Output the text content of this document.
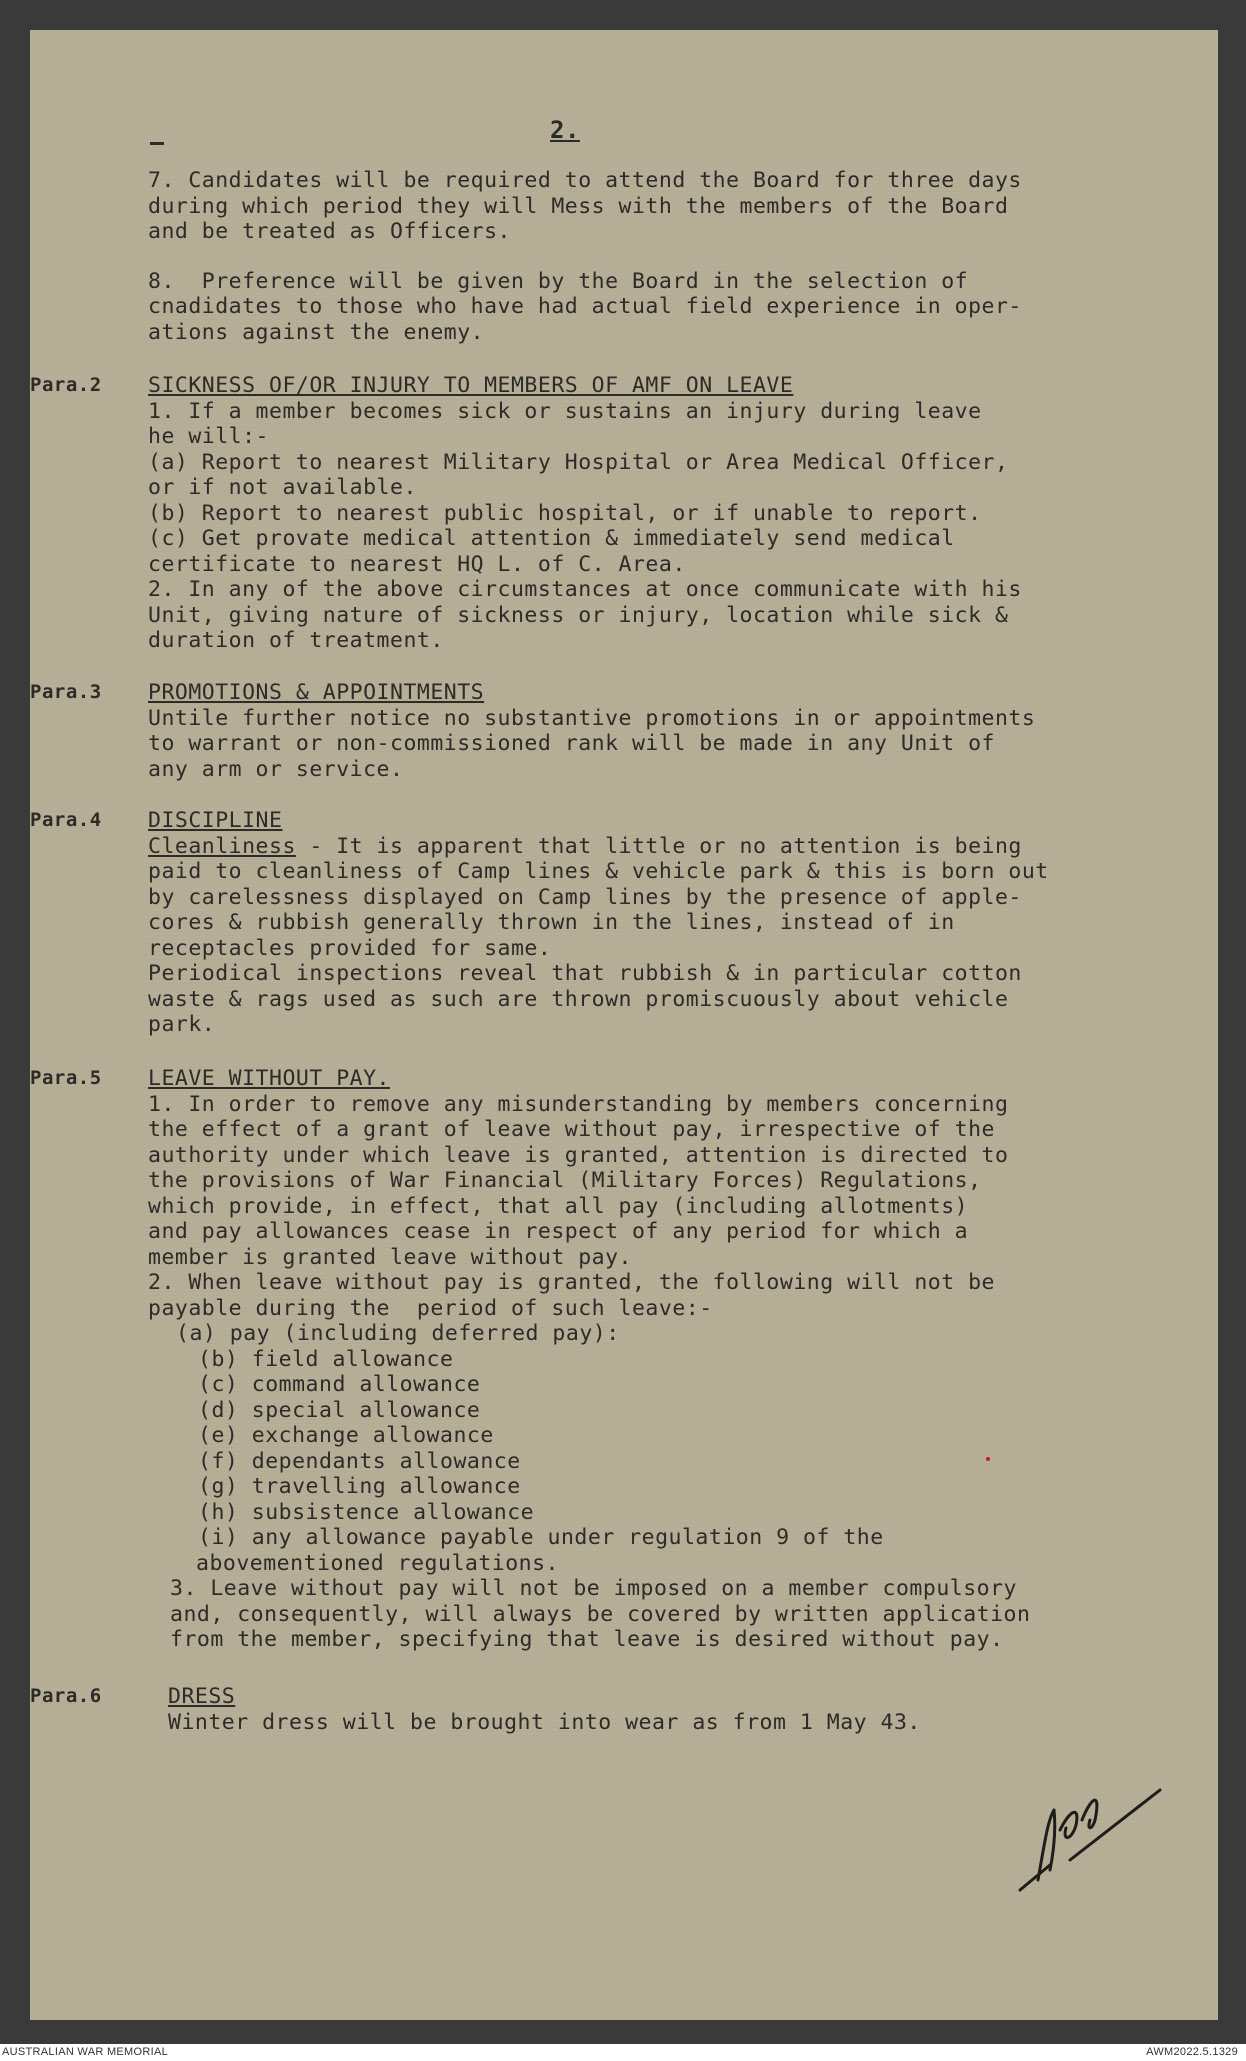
2.
7. Candidates will be required to attend the Board for three days
during which period they will Mess with the members of the Board
and be treated as Officers.
8.  Preference will be given by the Board in the selection of
cnadidates to those who have had actual field experience in oper-
ations against the enemy.
Para.2 SICKNESS OF/OR INJURY TO MEMBERS OF AMF ON LEAVE
1. If a member becomes sick or sustains an injury during leave
he will:-
(a) Report to nearest Military Hospital or Area Medical Officer,
or if not available.
(b) Report to nearest public hospital, or if unable to report.
(c) Get provate medical attention & immediately send medical
certificate to nearest HQ L. of C. Area.
2. In any of the above circumstances at once communicate with his
Unit, giving nature of sickness or injury, location while sick &
duration of treatment.
Para.3 PROMOTIONS & APPOINTMENTS
Untile further notice no substantive promotions in or appointments
to warrant or non-commissioned rank will be made in any Unit of
any arm or service.
Para.4 DISCIPLINE
Cleanliness - It is apparent that little or no attention is being
paid to cleanliness of Camp lines & vehicle park & this is born out
by carelessness displayed on Camp lines by the presence of apple-
cores & rubbish generally thrown in the lines, instead of in
receptacles provided for same.
Periodical inspections reveal that rubbish & in particular cotton
waste & rags used as such are thrown promiscuously about vehicle
park.
Para.5 LEAVE WITHOUT PAY.
1. In order to remove any misunderstanding by members concerning
the effect of a grant of leave without pay, irrespective of the
authority under which leave is granted, attention is directed to
the provisions of War Financial (Military Forces) Regulations,
which provide, in effect, that all pay (including allotments)
and pay allowances cease in respect of any period for which a
member is granted leave without pay.
2. When leave without pay is granted, the following will not be
payable during the  period of such leave:-
(a) pay (including deferred pay):
(b) field allowance
(c) command allowance
(d) special allowance
(e) exchange allowance
(f) dependants allowance
(g) travelling allowance
(h) subsistence allowance
(i) any allowance payable under regulation 9 of the
abovementioned regulations.
3. Leave without pay will not be imposed on a member compulsory
and, consequently, will always be covered by written application
from the member, specifying that leave is desired without pay.
Para.6	DRESS
Winter dress will be brought into wear as from 1 May 43.
AUSTRALIAN WAR MEMORIAL	AWM2022.5.1329
